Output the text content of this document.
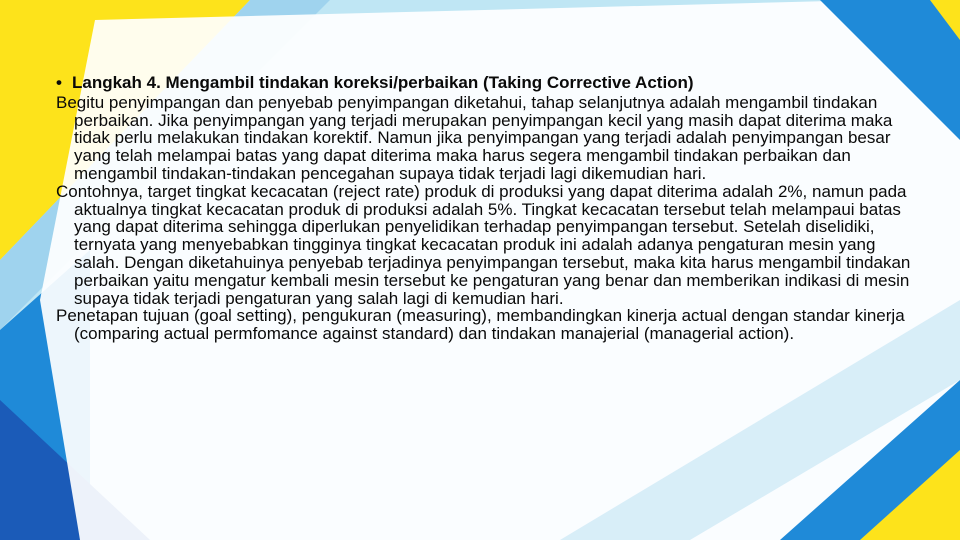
• Langkah 4. Mengambil tindakan koreksi/perbaikan (Taking Corrective Action)

Begitu penyimpangan dan penyebab penyimpangan diketahui, tahap selanjutnya adalah mengambil tindakan perbaikan. Jika penyimpangan yang terjadi merupakan penyimpangan kecil yang masih dapat diterima maka tidak perlu melakukan tindakan korektif. Namun jika penyimpangan yang terjadi adalah penyimpangan besar yang telah melampai batas yang dapat diterima maka harus segera mengambil tindakan perbaikan dan mengambil tindakan-tindakan pencegahan supaya tidak terjadi lagi dikemudian hari.

Contohnya, target tingkat kecacatan (reject rate) produk di produksi yang dapat diterima adalah 2%, namun pada aktualnya tingkat kecacatan produk di produksi adalah 5%. Tingkat kecacatan tersebut telah melampaui batas yang dapat diterima sehingga diperlukan penyelidikan terhadap penyimpangan tersebut. Setelah diselidiki, ternyata yang menyebabkan tingginya tingkat kecacatan produk ini adalah adanya pengaturan mesin yang salah. Dengan diketahuinya penyebab terjadinya penyimpangan tersebut, maka kita harus mengambil tindakan perbaikan yaitu mengatur kembali mesin tersebut ke pengaturan yang benar dan memberikan indikasi di mesin supaya tidak terjadi pengaturan yang salah lagi di kemudian hari.

Penetapan tujuan (goal setting), pengukuran (measuring), membandingkan kinerja actual dengan standar kinerja (comparing actual permfomance against standard) dan tindakan manajerial (managerial action).
